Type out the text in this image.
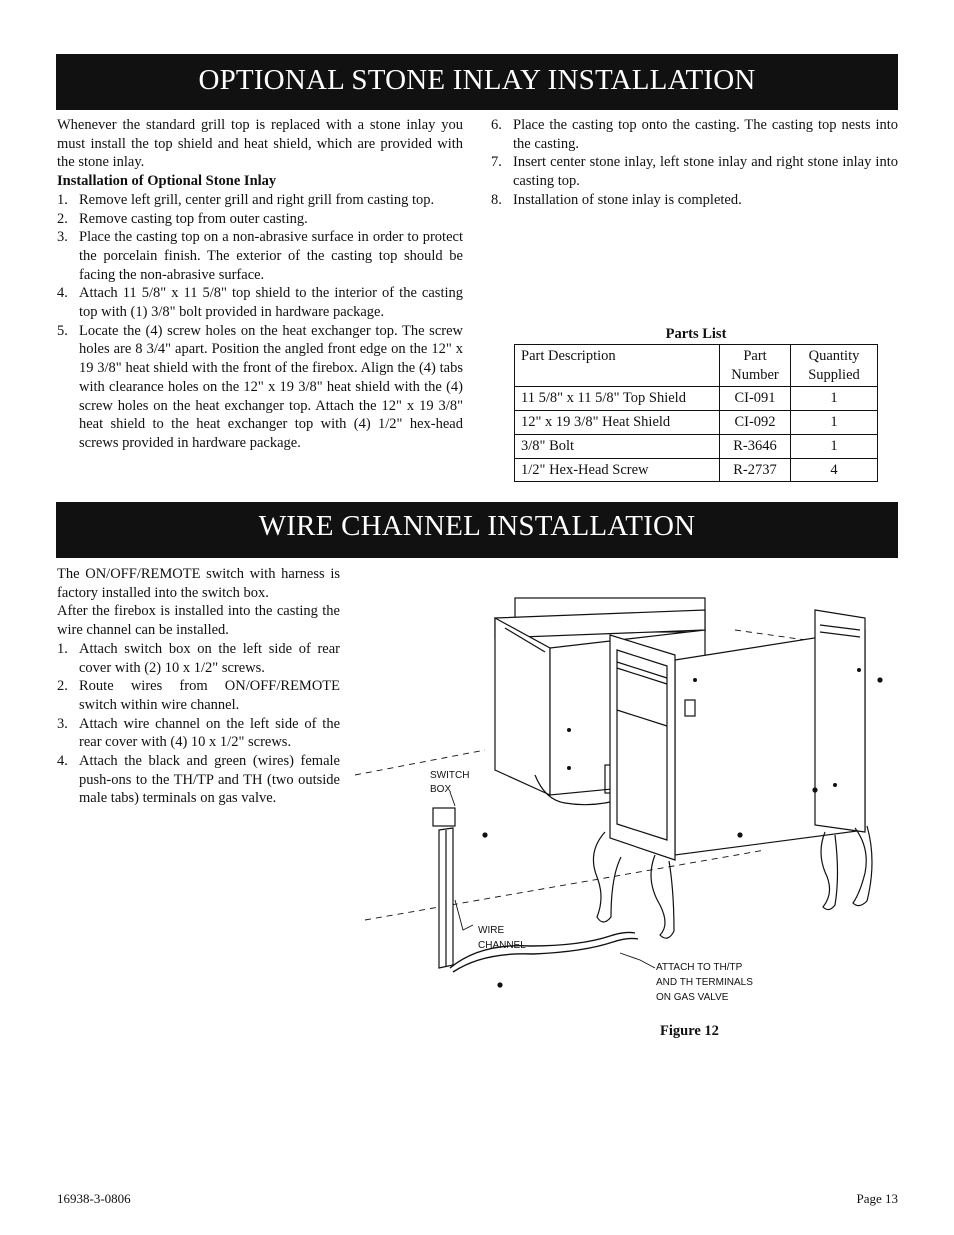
OPTIONAL STONE INLAY INSTALLATION

Whenever the standard grill top is replaced with a stone inlay you must install the top shield and heat shield, which are provided with the stone inlay.

Installation of Optional Stone Inlay

1. Remove left grill, center grill and right grill from casting top.
2. Remove casting top from outer casting.
3. Place the casting top on a non-abrasive surface in order to protect the porcelain finish. The exterior of the casting top should be facing the non-abrasive surface.
4. Attach 11 5/8" x 11 5/8" top shield to the interior of the casting top with (1) 3/8" bolt provided in hardware package.
5. Locate the (4) screw holes on the heat exchanger top. The screw holes are 8 3/4" apart. Position the angled front edge on the 12" x 19 3/8" heat shield with the front of the firebox. Align the (4) tabs with clearance holes on the 12" x 19 3/8" heat shield with the (4) screw holes on the heat exchanger top. Attach the 12" x 19 3/8" heat shield to the heat exchanger top with (4) 1/2" hex-head screws provided in hardware package.
6. Place the casting top onto the casting. The casting top nests into the casting.
7. Insert center stone inlay, left stone inlay and right stone inlay into casting top.
8. Installation of stone inlay is completed.
Parts List
Part Description	Part Number	Quantity Supplied
11 5/8" x 11 5/8" Top Shield	CI-091	1
12" x 19 3/8" Heat Shield	CI-092	1
3/8" Bolt	R-3646	1
1/2" Hex-Head Screw	R-2737	4
WIRE CHANNEL INSTALLATION

The ON/OFF/REMOTE switch with harness is factory installed into the switch box.

After the firebox is installed into the casting the wire channel can be installed.

1. Attach switch box on the left side of rear cover with (2) 10 x 1/2" screws.
2. Route wires from ON/OFF/REMOTE switch within wire channel.
3. Attach wire channel on the left side of the rear cover with (4) 10 x 1/2" screws.
4. Attach the black and green (wires) female push-ons to the TH/TP and TH (two outside male tabs) terminals on gas valve.
SWITCH
BOX
WIRE
CHANNEL
ATTACH TO TH/TP
AND TH TERMINALS
ON GAS VALVE
Figure 12
16938-3-0806	Page 13
